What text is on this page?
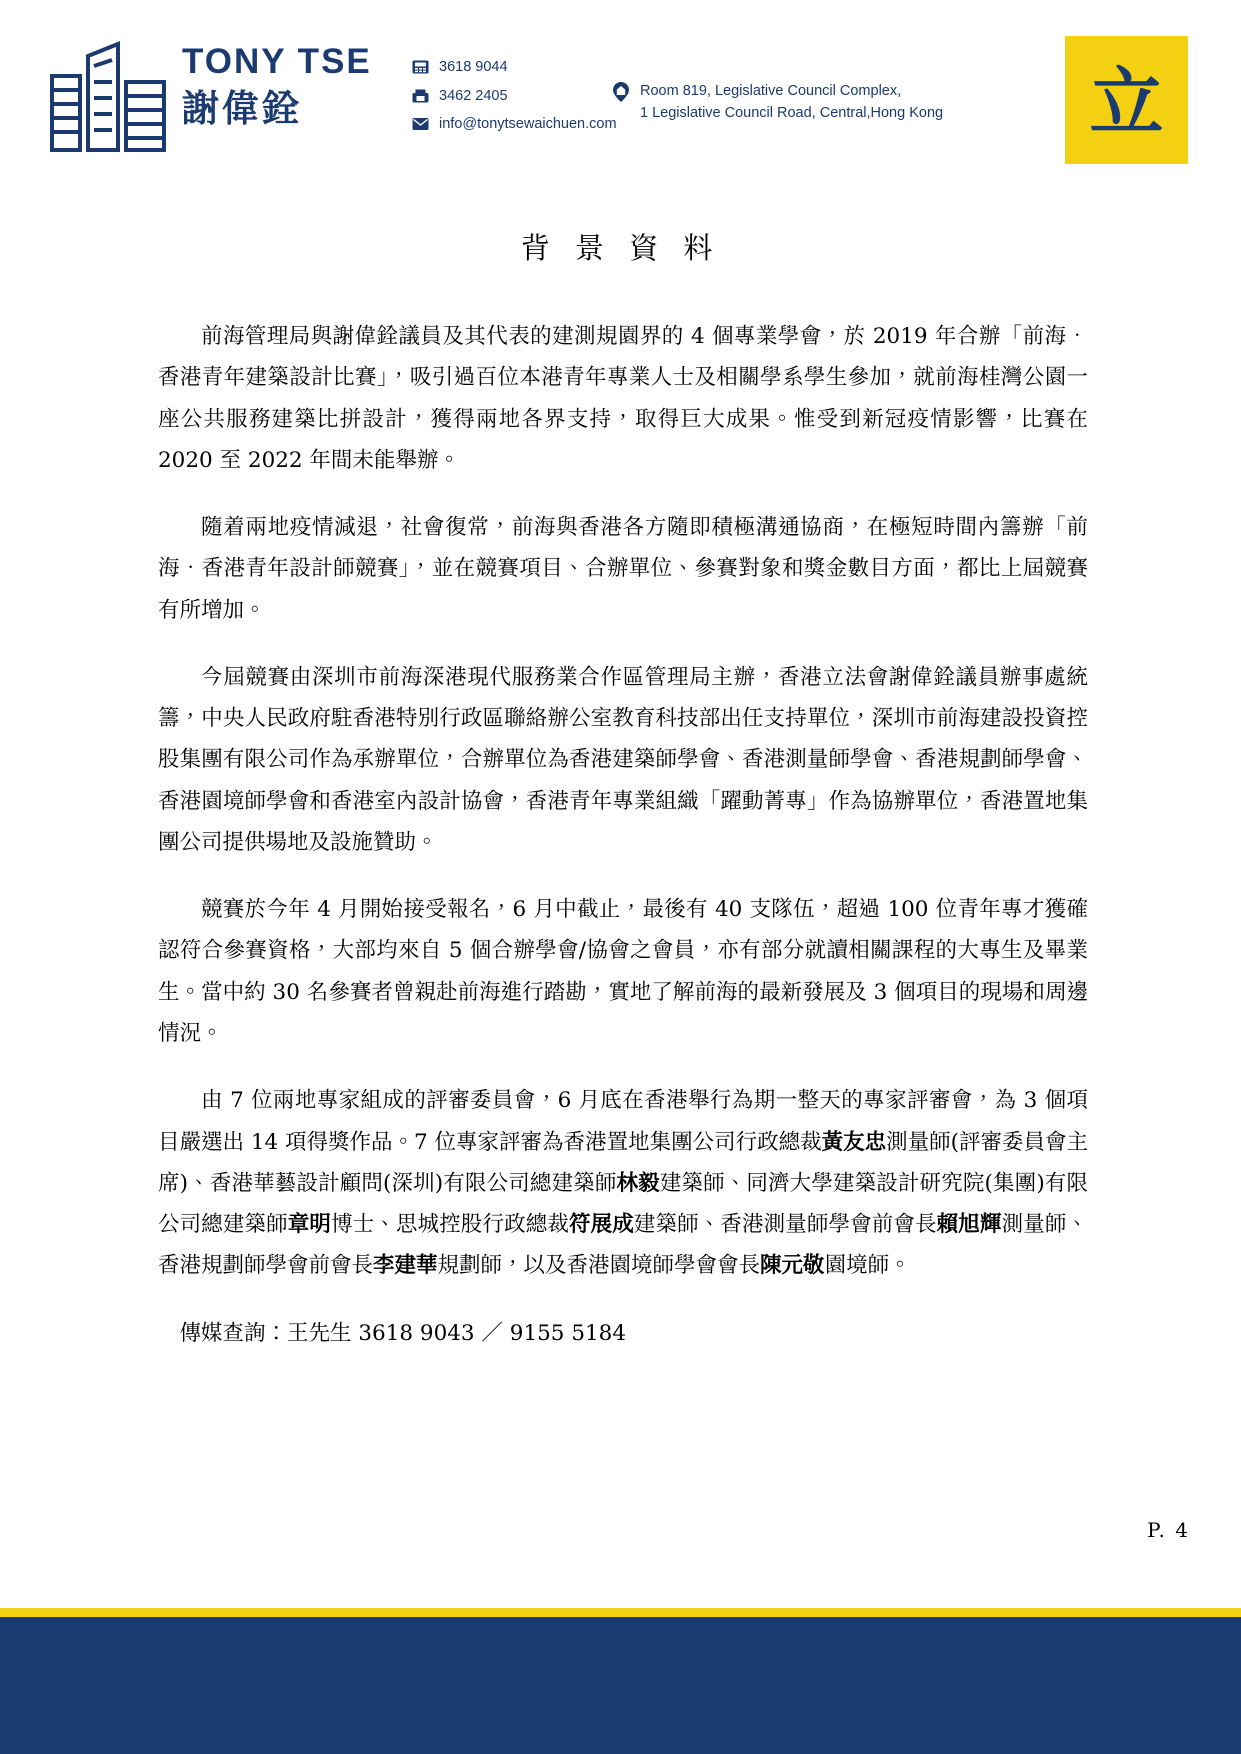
TONY TSE
謝偉銓
3618 9044
3462 2405
info@tonytsewaichuen.com
Room 819, Legislative Council Complex,
1 Legislative Council Road, Central,Hong Kong	立
背 景 資 料
前海管理局與謝偉銓議員及其代表的建測規園界的 4 個專業學會，於 2019 年合辦「前海‧香港青年建築設計比賽」，吸引過百位本港青年專業人士及相關學系學生參加，就前海桂灣公園一座公共服務建築比拼設計，獲得兩地各界支持，取得巨大成果。惟受到新冠疫情影響，比賽在 2020 至 2022 年間未能舉辦。
隨着兩地疫情減退，社會復常，前海與香港各方隨即積極溝通協商，在極短時間內籌辦「前海‧香港青年設計師競賽」，並在競賽項目、合辦單位、參賽對象和獎金數目方面，都比上屆競賽有所增加。
今屆競賽由深圳市前海深港現代服務業合作區管理局主辦，香港立法會謝偉銓議員辦事處統籌，中央人民政府駐香港特別行政區聯絡辦公室教育科技部出任支持單位，深圳市前海建設投資控股集團有限公司作為承辦單位，合辦單位為香港建築師學會、香港測量師學會、香港規劃師學會、香港園境師學會和香港室內設計協會，香港青年專業組織「躍動菁專」作為協辦單位，香港置地集團公司提供場地及設施贊助。
競賽於今年 4 月開始接受報名，6 月中截止，最後有 40 支隊伍，超過 100 位青年專才獲確認符合參賽資格，大部均來自 5 個合辦學會/協會之會員，亦有部分就讀相關課程的大專生及畢業生。當中約 30 名參賽者曾親赴前海進行踏勘，實地了解前海的最新發展及 3 個項目的現場和周邊情況。
由 7 位兩地專家組成的評審委員會，6 月底在香港舉行為期一整天的專家評審會，為 3 個項目嚴選出 14 項得獎作品。7 位專家評審為香港置地集團公司行政總裁黃友忠測量師(評審委員會主席)、香港華藝設計顧問(深圳)有限公司總建築師林毅建築師、同濟大學建築設計研究院(集團)有限公司總建築師章明博士、思城控股行政總裁符展成建築師、香港測量師學會前會長賴旭輝測量師、香港規劃師學會前會長李建華規劃師，以及香港園境師學會會長陳元敬園境師。
傳媒查詢：王先生 3618 9043 ／ 9155 5184
P. 4
